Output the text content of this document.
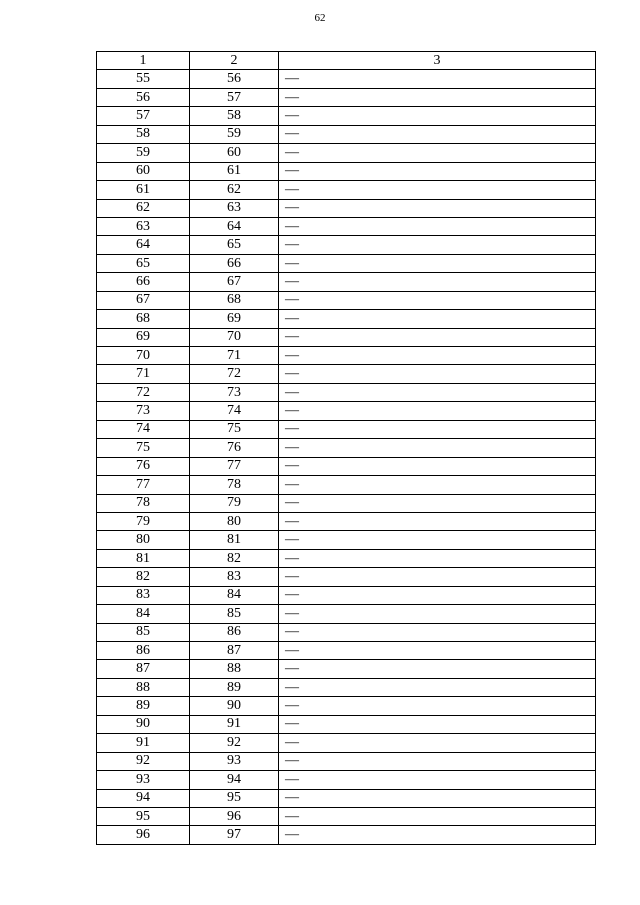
62
1	2	3
55	56	—
56	57	—
57	58	—
58	59	—
59	60	—
60	61	—
61	62	—
62	63	—
63	64	—
64	65	—
65	66	—
66	67	—
67	68	—
68	69	—
69	70	—
70	71	—
71	72	—
72	73	—
73	74	—
74	75	—
75	76	—
76	77	—
77	78	—
78	79	—
79	80	—
80	81	—
81	82	—
82	83	—
83	84	—
84	85	—
85	86	—
86	87	—
87	88	—
88	89	—
89	90	—
90	91	—
91	92	—
92	93	—
93	94	—
94	95	—
95	96	—
96	97	—
